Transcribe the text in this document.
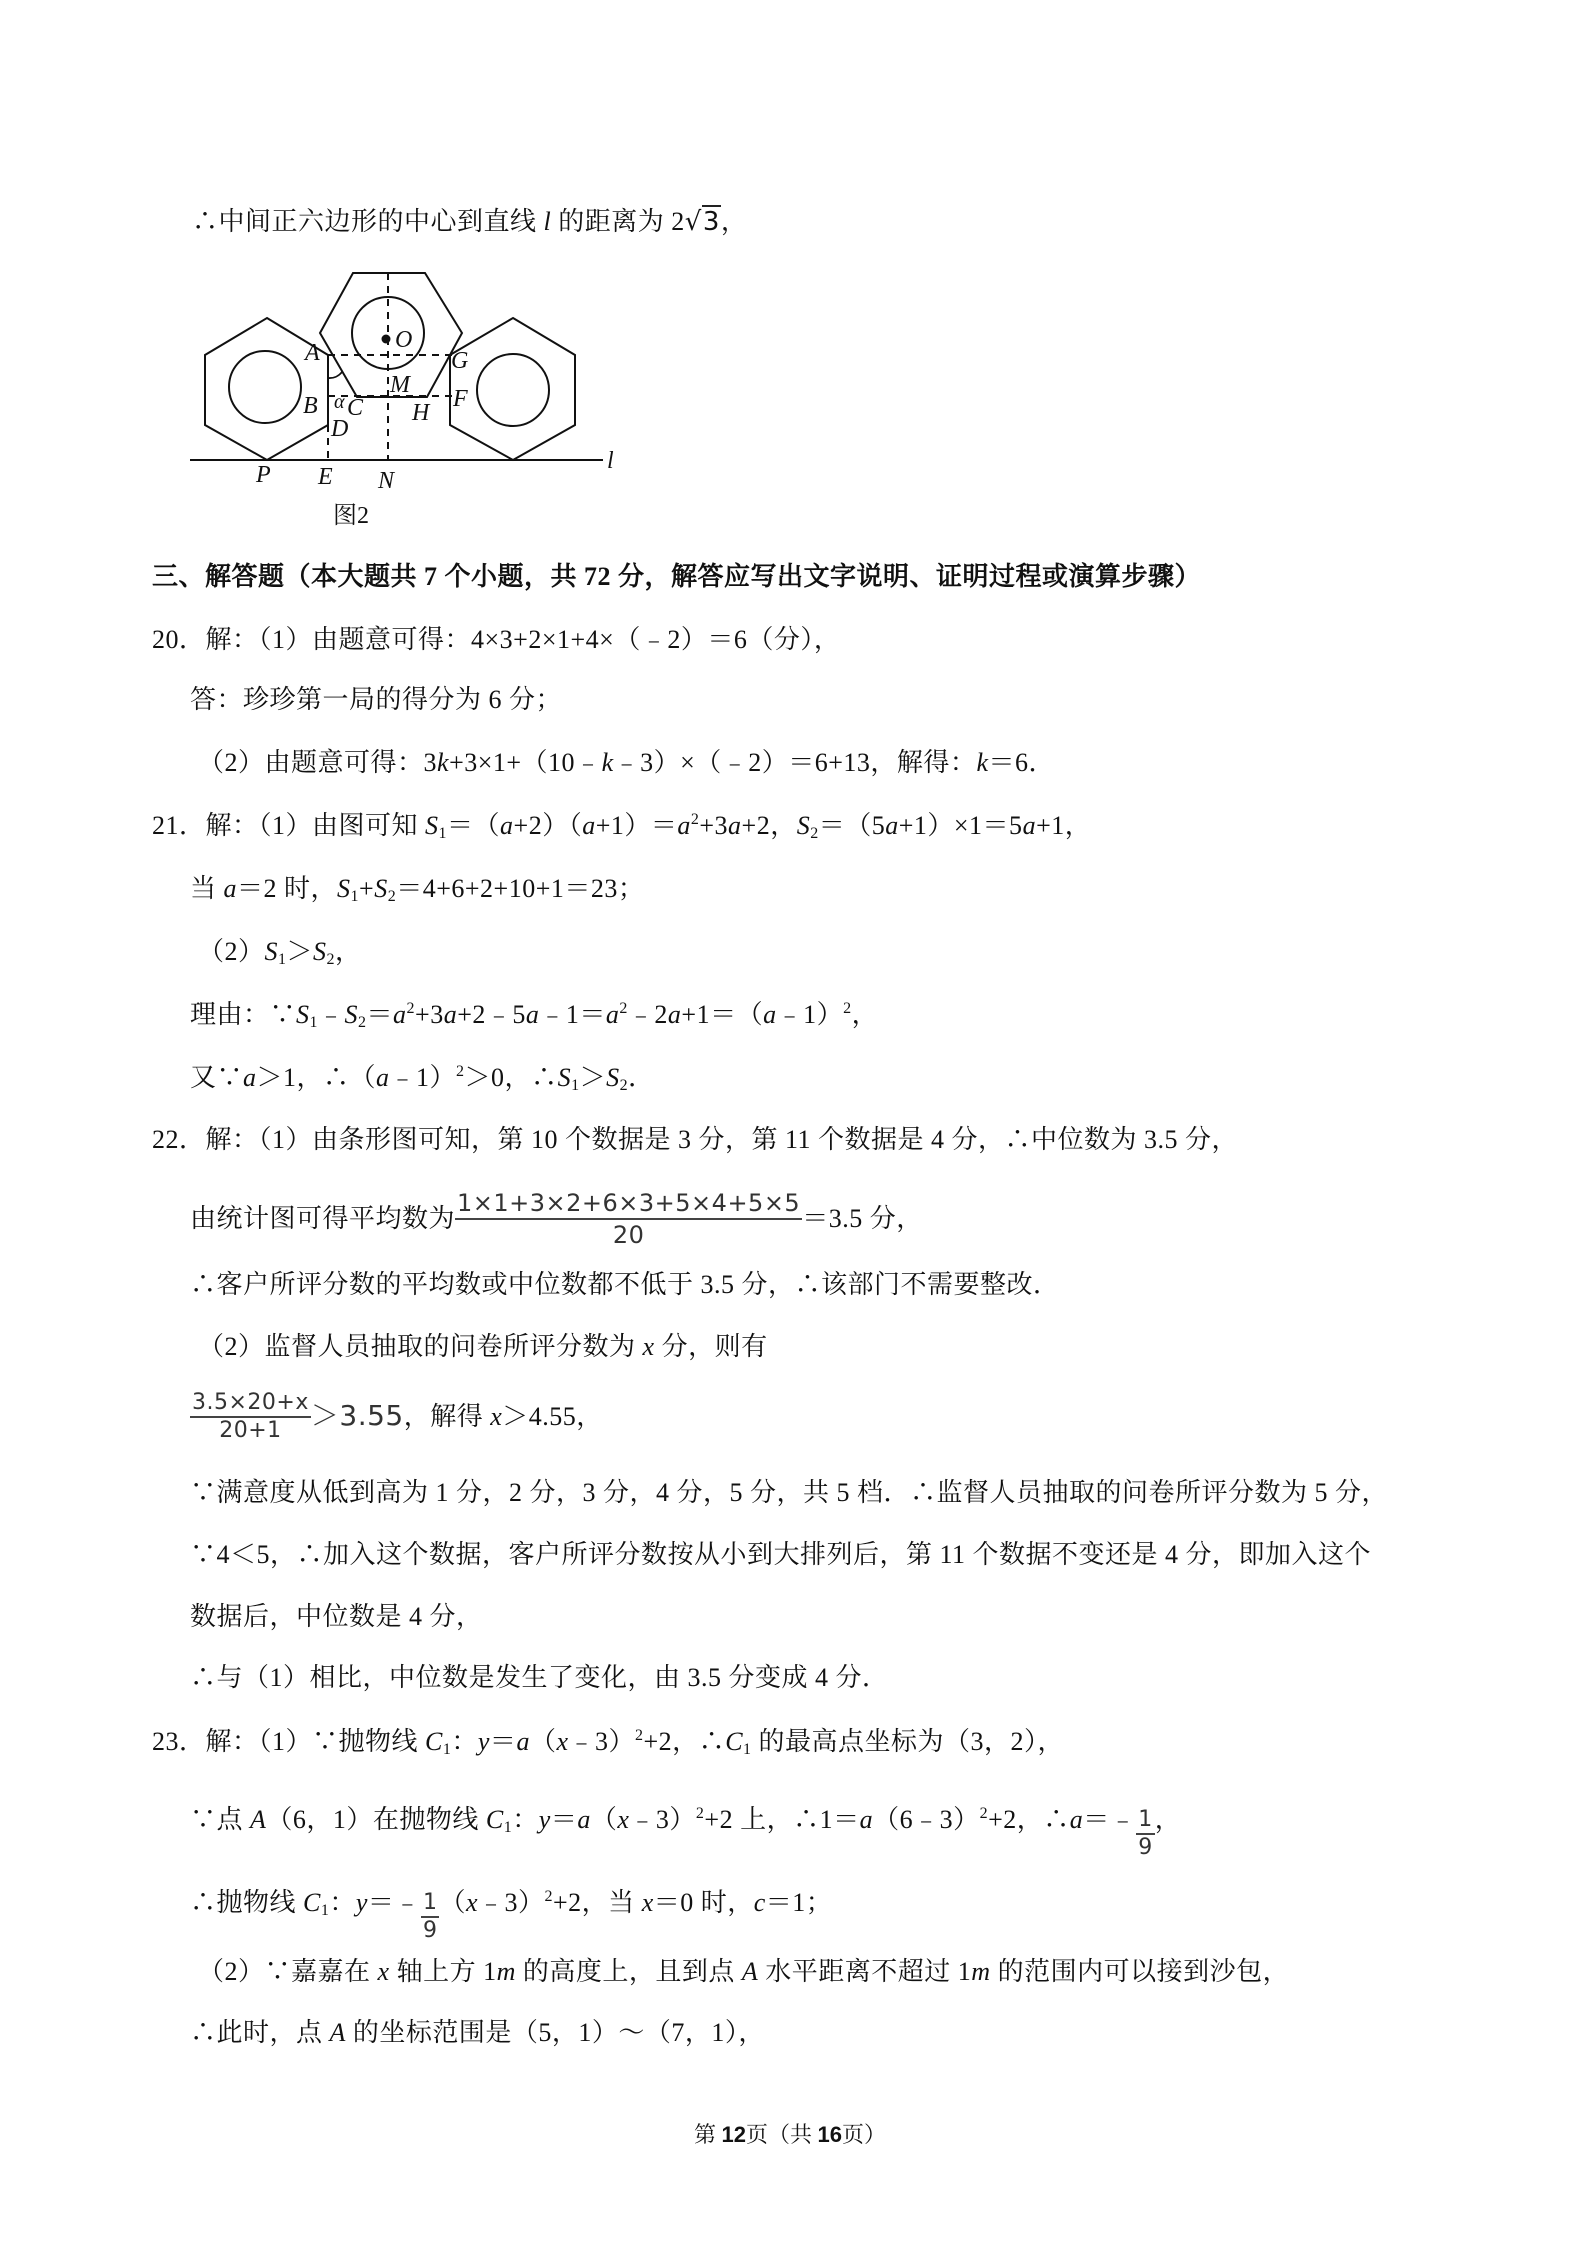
∴中间正六边形的中心到直线 l 的距离为 2√3，
O
A	G
M
F
B α C H
D
l
P E N
图2
三、解答题（本大题共 7 个小题，共 72 分，解答应写出文字说明、证明过程或演算步骤）
20．解：（1）由题意可得：4×3+2×1+4×（﹣2）＝6（分），
答：珍珍第一局的得分为 6 分；
（2）由题意可得：3k+3×1+（10﹣k﹣3）×（﹣2）＝6+13，解得：k＝6．
21．解：（1）由图可知 $S_1=(a+2)(a+1)=a^2+3a+2$，$S_2=(5a+1)\times 1=5a+1$，
当 a＝2 时，$S_1+S_2=4+6+2+10+1=23$；
$(2)S_1>S_2$，
理由：$\because S_1﹣S_2=a^2+3a+2﹣5a﹣1=a^2﹣2a+1=(a﹣1)^2$，
又∵a＞1，∴（a﹣1）$^2$＞0，$\therefore S_1>S_2$．
22．解：（1）由条形图可知，第 10 个数据是 3 分，第 11 个数据是 4 分，∴中位数为 3.5 分，
由统计图可得平均数为 $\frac{1\times 1+3\times 2+6\times 3+5\times 4+5\times 5}{20} =3.5$ 分，
∴客户所评分数的平均数或中位数都不低于 3.5 分，∴该部门不需要整改．
（2）监督人员抽取的问卷所评分数为 x 分，则有
$\frac{3.5\times 20+x}{20+1} >3.55$，解得 x＞4.55，
∵满意度从低到高为 1 分，2 分，3 分，4 分，5 分，共 5 档．∴监督人员抽取的问卷所评分数为 5 分，
∵4＜5，∴加入这个数据，客户所评分数按从小到大排列后，第 11 个数据不变还是 4 分，即加入这个
数据后，中位数是 4 分，
∴与（1）相比，中位数是发生了变化，由 3.5 分变成 4 分．
23．解：（1）∵抛物线 $C_1$：y＝a（x﹣3）$^2$+2，$\therefore C_1$ 的最高点坐标为（3，2），
∵点 A（6，1）在抛物线 $C_1$：y＝a（x﹣3）$^2$+2 上，∴1＝a（6﹣3）$^2$+2，∴a＝﹣ $\frac{1}{9}$ ，
∴抛物线 $C_1$：y＝﹣ $\frac{1}{9}$ （x﹣3）$^2$+2，当 x＝0 时，c＝1；
（2）∵嘉嘉在 x 轴上方 1m 的高度上，且到点 A 水平距离不超过 1m 的范围内可以接到沙包，
∴此时，点 A 的坐标范围是（5，1）～（7，1），
第 12页（共 16页）
